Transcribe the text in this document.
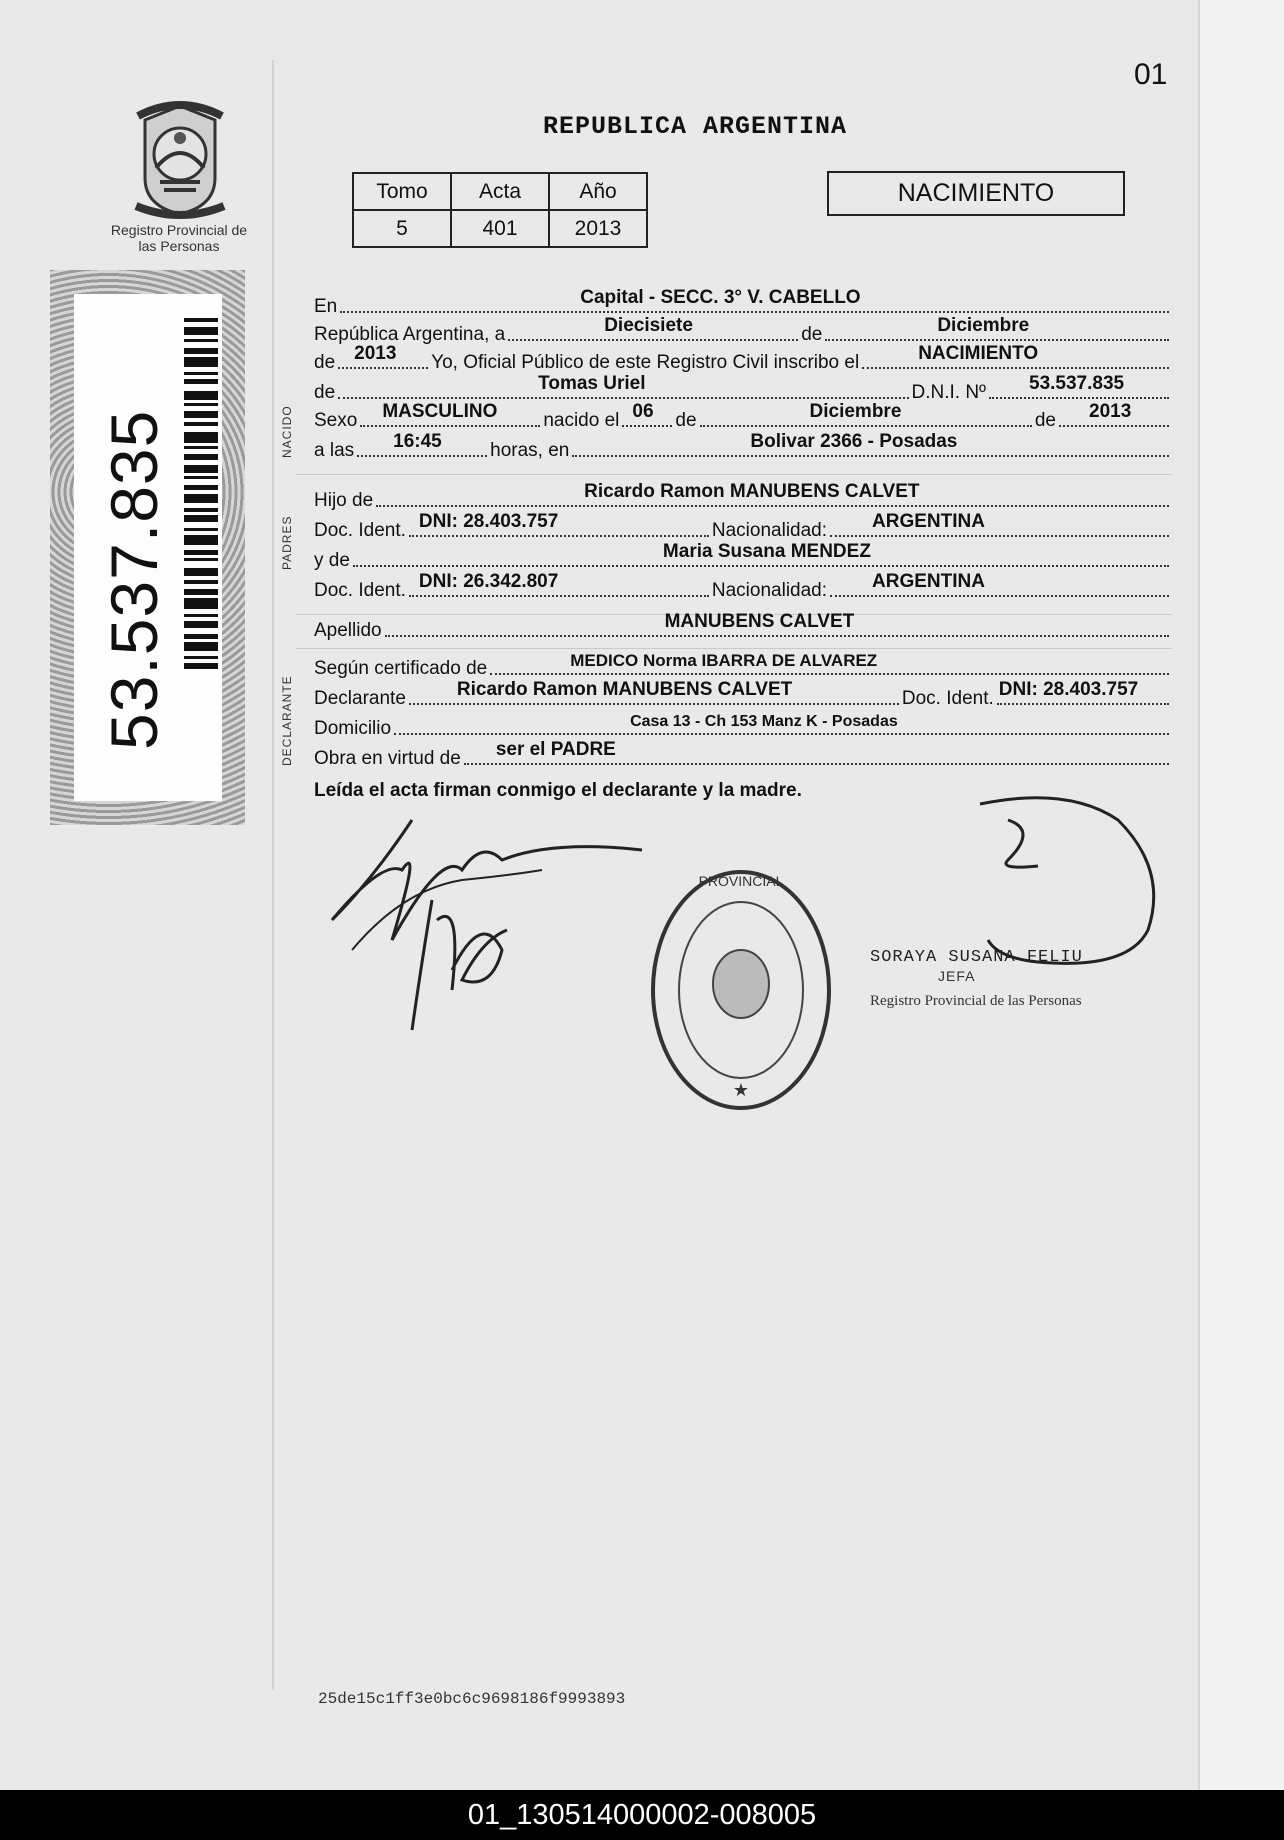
01
REPUBLICA ARGENTINA
Registro Provincial de las Personas
53.537.835
Tomo	Acta	Año
5	401	2013
NACIMIENTO
NACIDO
PADRES
DECLARANTE
En	Capital - SECC. 3° V. CABELLO
República Argentina, a	Diecisiete	de	Diciembre
de 2013 Yo, Oficial Público de este Registro Civil inscribo el	NACIMIENTO
de	Tomas Uriel	D.N.I. Nº 53.537.835
Sexo MASCULINO nacido el 06 de	Diciembre	de 2013
a las 16:45	horas, en	Bolivar 2366 - Posadas
Hijo de	Ricardo Ramon MANUBENS CALVET
Doc. Ident. DNI: 28.403.757	Nacionalidad: ARGENTINA
y de	Maria Susana MENDEZ
Doc. Ident. DNI: 26.342.807	Nacionalidad: ARGENTINA
Apellido	MANUBENS CALVET
Según certificado de	MEDICO Norma IBARRA DE ALVAREZ
Declarante	Ricardo Ramon MANUBENS CALVET	Doc. Ident. DNI: 28.403.757
Domicilio	Casa 13 - Ch 153 Manz K - Posadas
Obra en virtud de ser el PADRE
Leída el acta firman conmigo el declarante y la madre.
PROVINCIAL
★
SORAYA SUSANA FELIU
JEFA
Registro Provincial de las Personas
25de15c1ff3e0bc6c9698186f9993893
01_130514000002-008005
